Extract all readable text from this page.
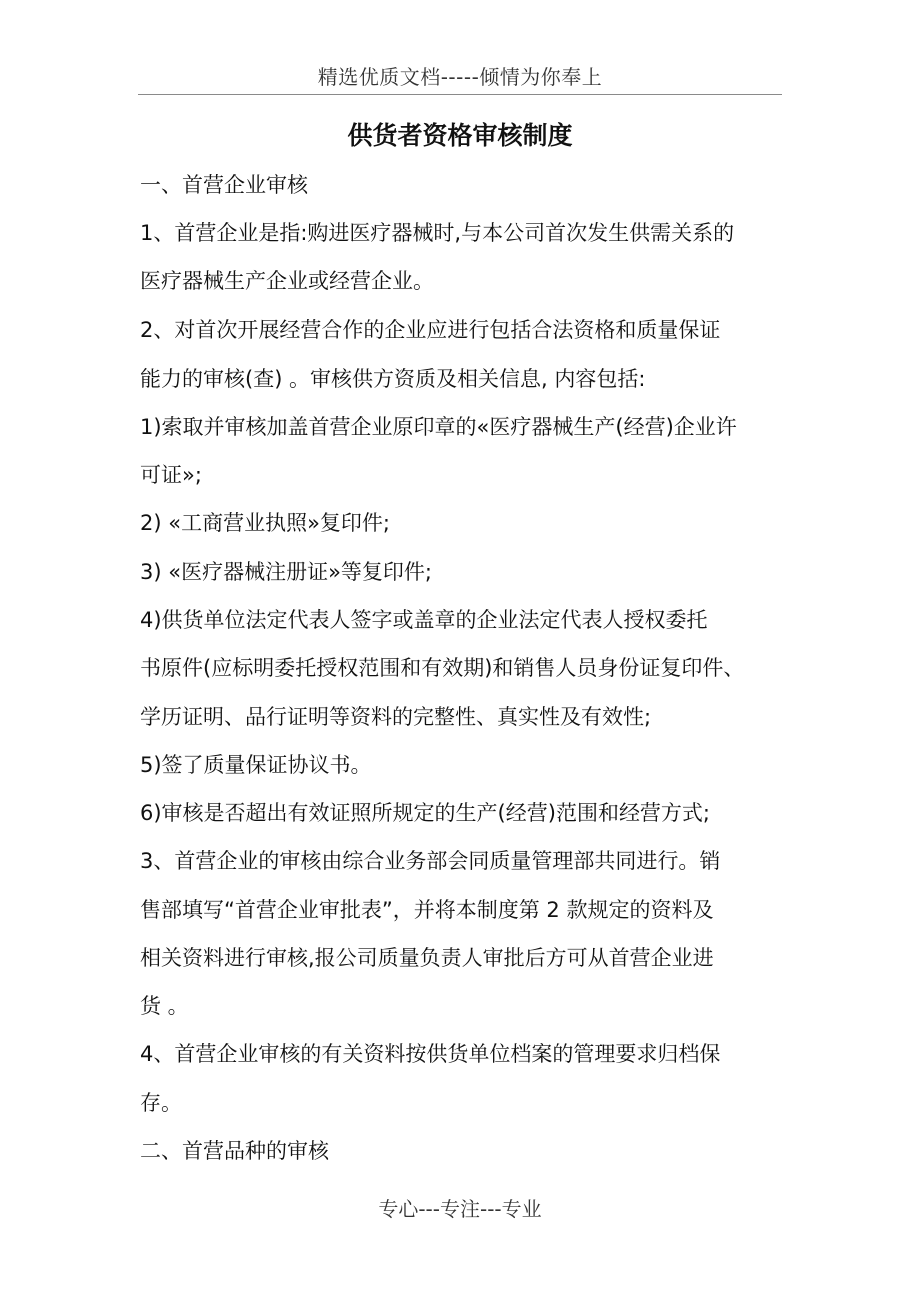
精选优质文档-----倾情为你奉上
供货者资格审核制度
一、首营企业审核
1、首营企业是指:购进医疗器械时,与本公司首次发生供需关系的
医疗器械生产企业或经营企业。
2、对首次开展经营合作的企业应进行包括合法资格和质量保证
能力的审核(查) 。审核供方资质及相关信息, 内容包括:
1)索取并审核加盖首营企业原印章的«医疗器械生产(经营)企业许
可证»;
2) «工商营业执照»复印件;
3) «医疗器械注册证»等复印件;
4)供货单位法定代表人签字或盖章的企业法定代表人授权委托
书原件(应标明委托授权范围和有效期)和销售人员身份证复印件、
学历证明、品行证明等资料的完整性、真实性及有效性;
5)签了质量保证协议书。
6)审核是否超出有效证照所规定的生产(经营)范围和经营方式;
3、首营企业的审核由综合业务部会同质量管理部共同进行。销
售部填写“首营企业审批表”，并将本制度第 2 款规定的资料及
相关资料进行审核,报公司质量负责人审批后方可从首营企业进
货 。
4、首营企业审核的有关资料按供货单位档案的管理要求归档保
存。
二、首营品种的审核
专心---专注---专业
